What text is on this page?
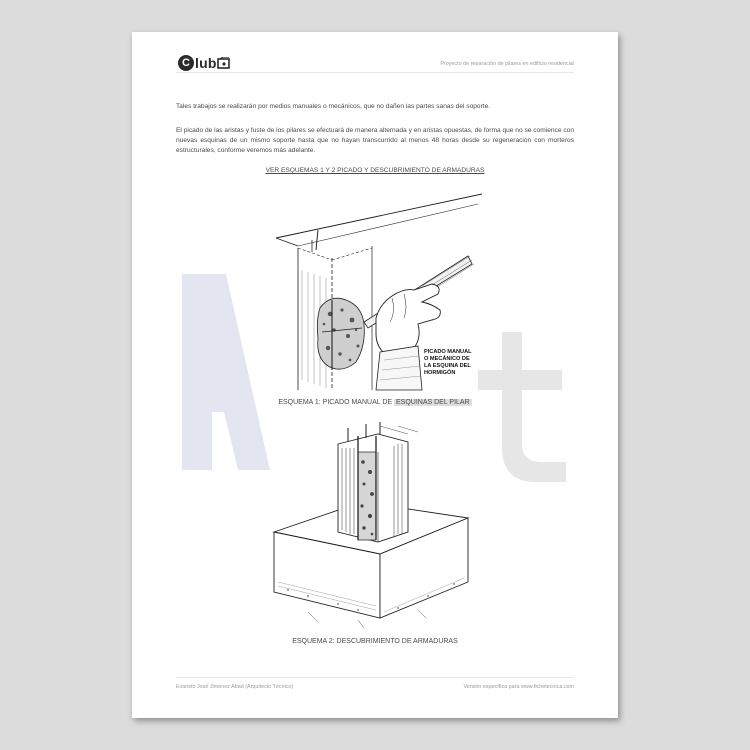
C lub	Proyecto de reparación de pilares en edificio residencial
Tales trabajos se realizarán por medios manuales o mecánicos, que no dañen las partes sanas del soporte.
El picado de las aristas y fuste de los pilares se efectuará de manera alternada y en aristas opuestas, de forma que no se comience con nuevas esquinas de un mismo soporte hasta que no hayan transcurrido al menos 48 horas desde su regeneración con morteros estructurales, conforme veremos más adelante.
VER ESQUEMAS 1 Y 2 PICADO Y DESCUBRIMIENTO DE ARMADURAS
PICADO MANUAL
O MECÁNICO DE
LA ESQUINA DEL
HORMIGÓN
ESQUEMA 1: PICADO MANUAL DE ESQUINAS DEL PILAR
ESQUEMA 2: DESCUBRIMIENTO DE ARMADURAS
Evaristo José Jiménez Abad (Arquitecto Técnico)	Versión específica para www.fichetecnica.com
